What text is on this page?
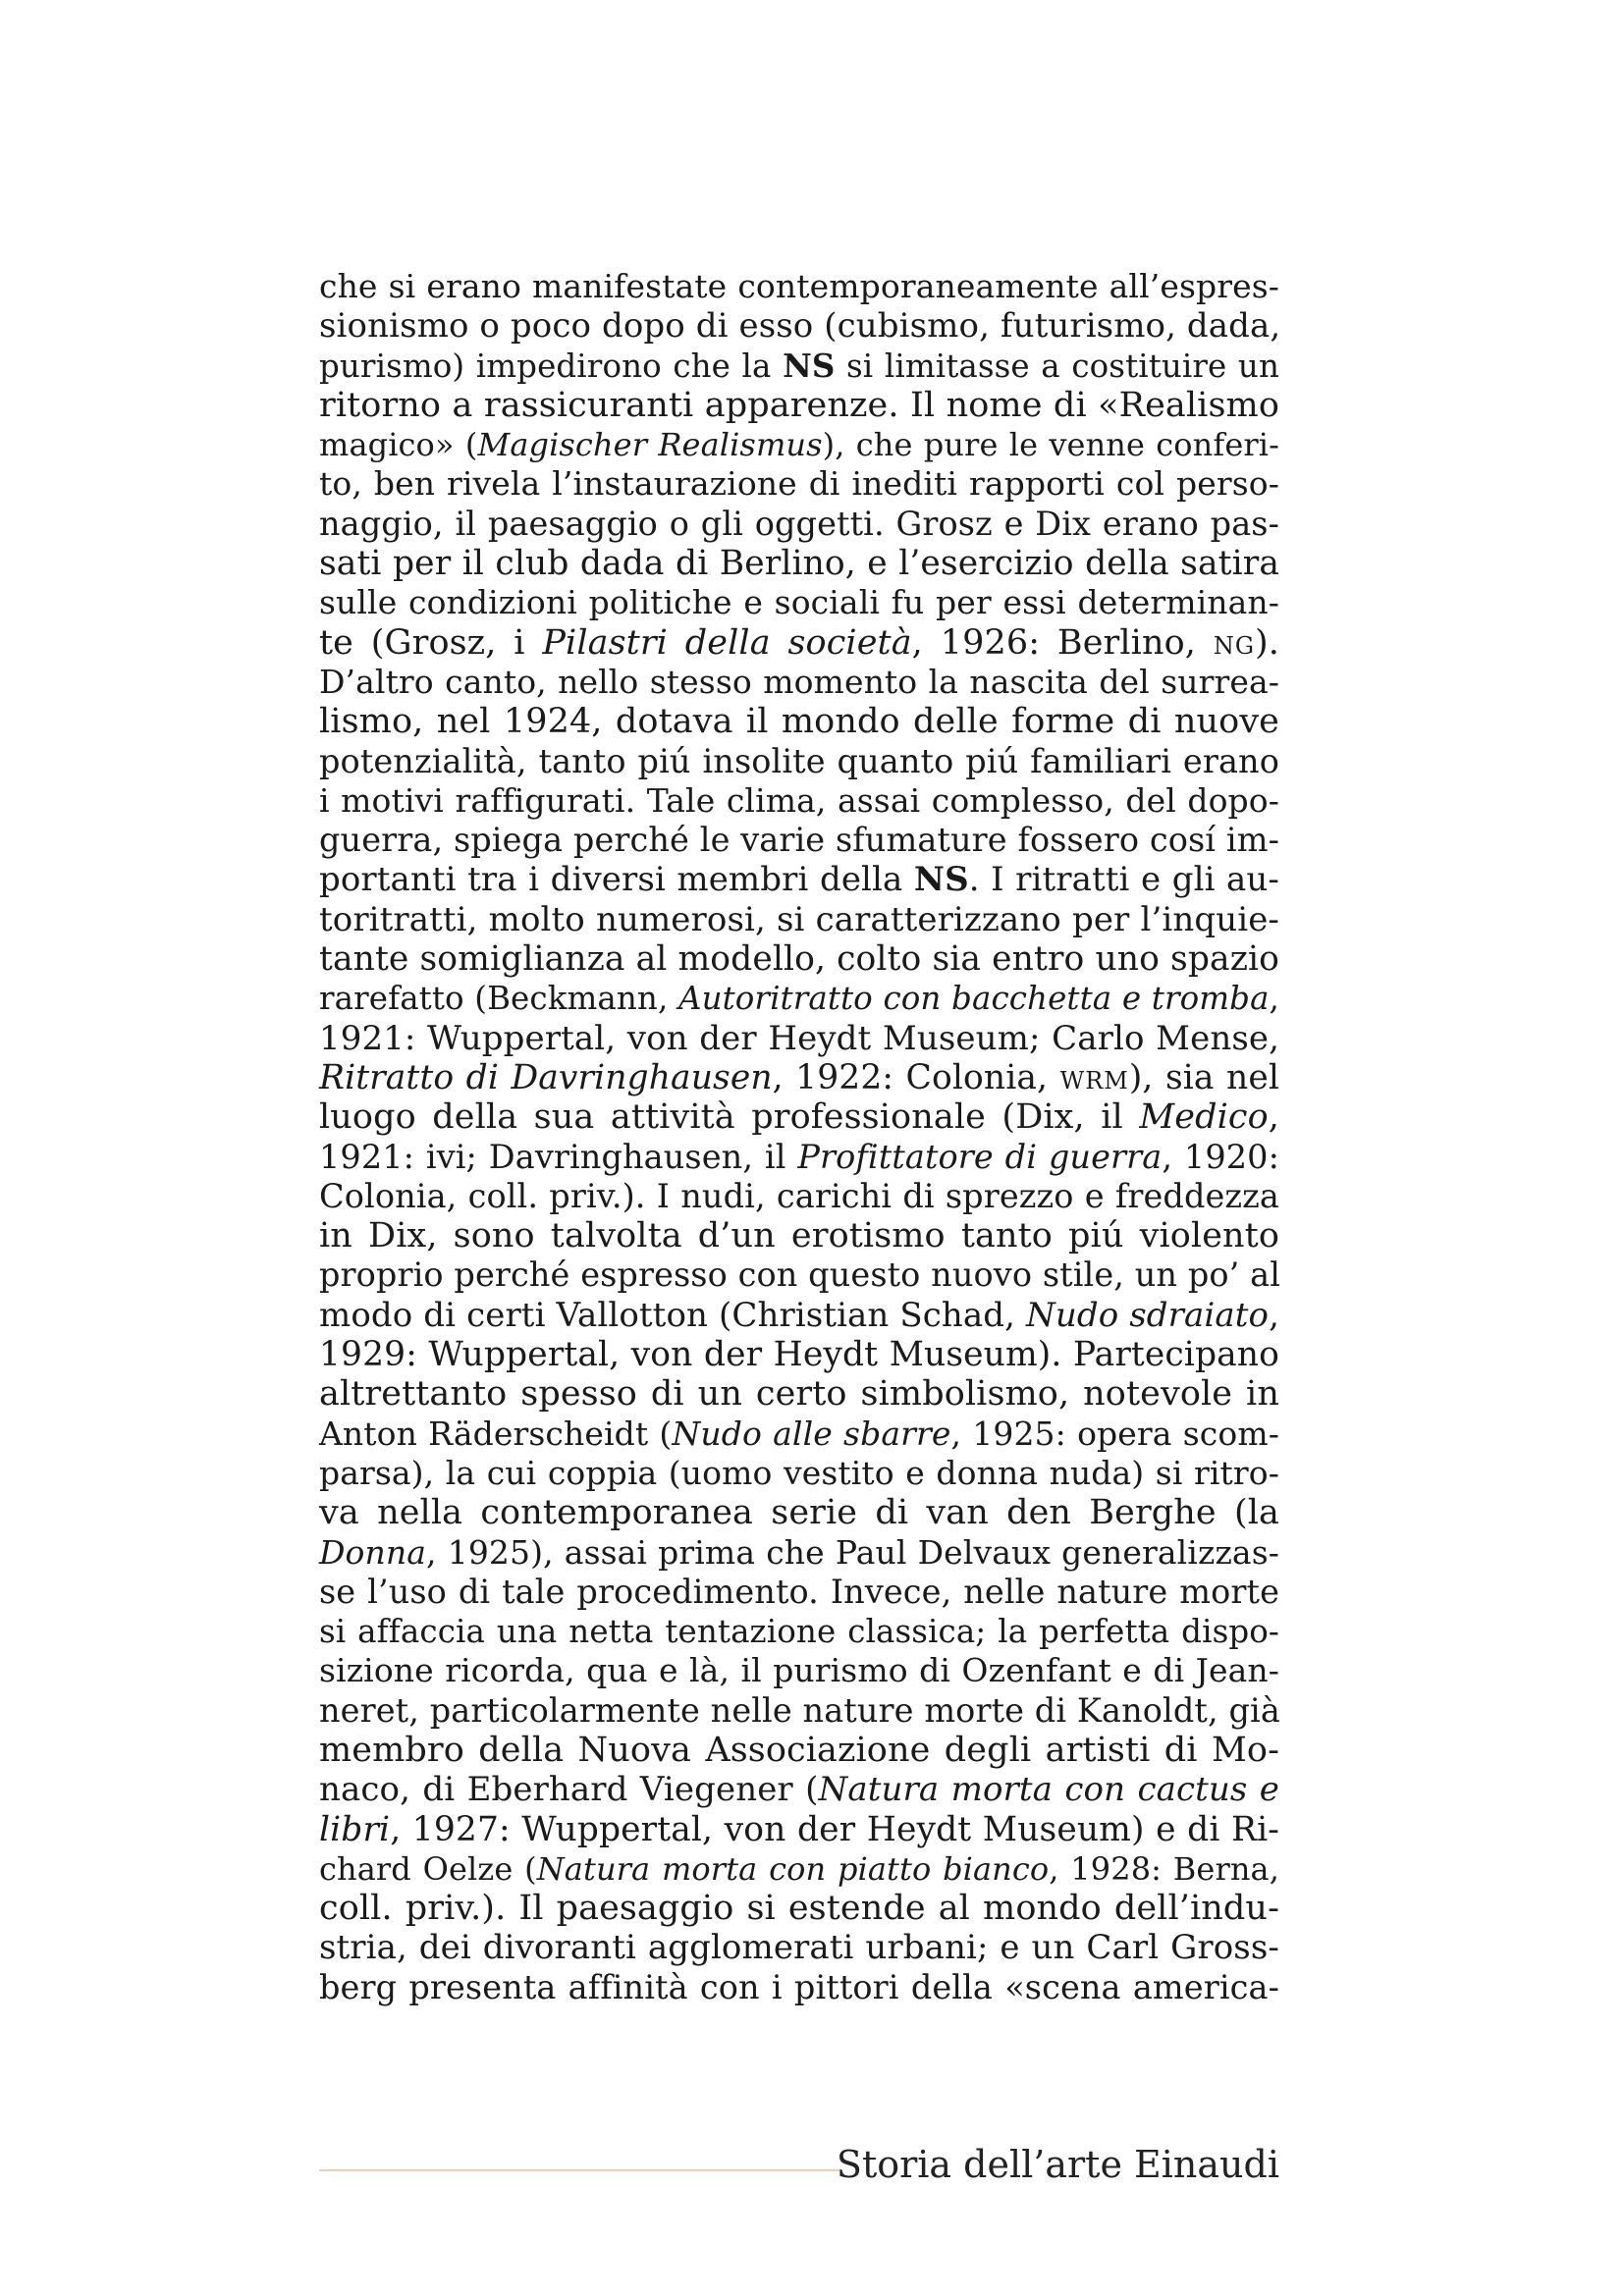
che si erano manifestate contemporaneamente all’espres-
sionismo o poco dopo di esso (cubismo, futurismo, dada,
purismo) impedirono che la NS si limitasse a costituire un
ritorno a rassicuranti apparenze. Il nome di «Realismo
magico» (Magischer Realismus), che pure le venne conferi-
to, ben rivela l’instaurazione di inediti rapporti col perso-
naggio, il paesaggio o gli oggetti. Grosz e Dix erano pas-
sati per il club dada di Berlino, e l’esercizio della satira
sulle condizioni politiche e sociali fu per essi determinan-
te (Grosz, i Pilastri della società, 1926: Berlino, NG).
D’altro canto, nello stesso momento la nascita del surrea-
lismo, nel 1924, dotava il mondo delle forme di nuove
potenzialità, tanto piú insolite quanto piú familiari erano
i motivi raffigurati. Tale clima, assai complesso, del dopo-
guerra, spiega perché le varie sfumature fossero cosí im-
portanti tra i diversi membri della NS. I ritratti e gli au-
toritratti, molto numerosi, si caratterizzano per l’inquie-
tante somiglianza al modello, colto sia entro uno spazio
rarefatto (Beckmann, Autoritratto con bacchetta e tromba,
1921: Wuppertal, von der Heydt Museum; Carlo Mense,
Ritratto di Davringhausen, 1922: Colonia, WRM), sia nel
luogo della sua attività professionale (Dix, il Medico,
1921: ivi; Davringhausen, il Profittatore di guerra, 1920:
Colonia, coll. priv.). I nudi, carichi di sprezzo e freddezza
in Dix, sono talvolta d’un erotismo tanto piú violento
proprio perché espresso con questo nuovo stile, un po’ al
modo di certi Vallotton (Christian Schad, Nudo sdraiato,
1929: Wuppertal, von der Heydt Museum). Partecipano
altrettanto spesso di un certo simbolismo, notevole in
Anton Räderscheidt (Nudo alle sbarre, 1925: opera scom-
parsa), la cui coppia (uomo vestito e donna nuda) si ritro-
va nella contemporanea serie di van den Berghe (la
Donna, 1925), assai prima che Paul Delvaux generalizzas-
se l’uso di tale procedimento. Invece, nelle nature morte
si affaccia una netta tentazione classica; la perfetta dispo-
sizione ricorda, qua e là, il purismo di Ozenfant e di Jean-
neret, particolarmente nelle nature morte di Kanoldt, già
membro della Nuova Associazione degli artisti di Mo-
naco, di Eberhard Viegener (Natura morta con cactus e
libri, 1927: Wuppertal, von der Heydt Museum) e di Ri-
chard Oelze (Natura morta con piatto bianco, 1928: Berna,
coll. priv.). Il paesaggio si estende al mondo dell’indu-
stria, dei divoranti agglomerati urbani; e un Carl Gross-
berg presenta affinità con i pittori della «scena america-
Storia dell’arte Einaudi
